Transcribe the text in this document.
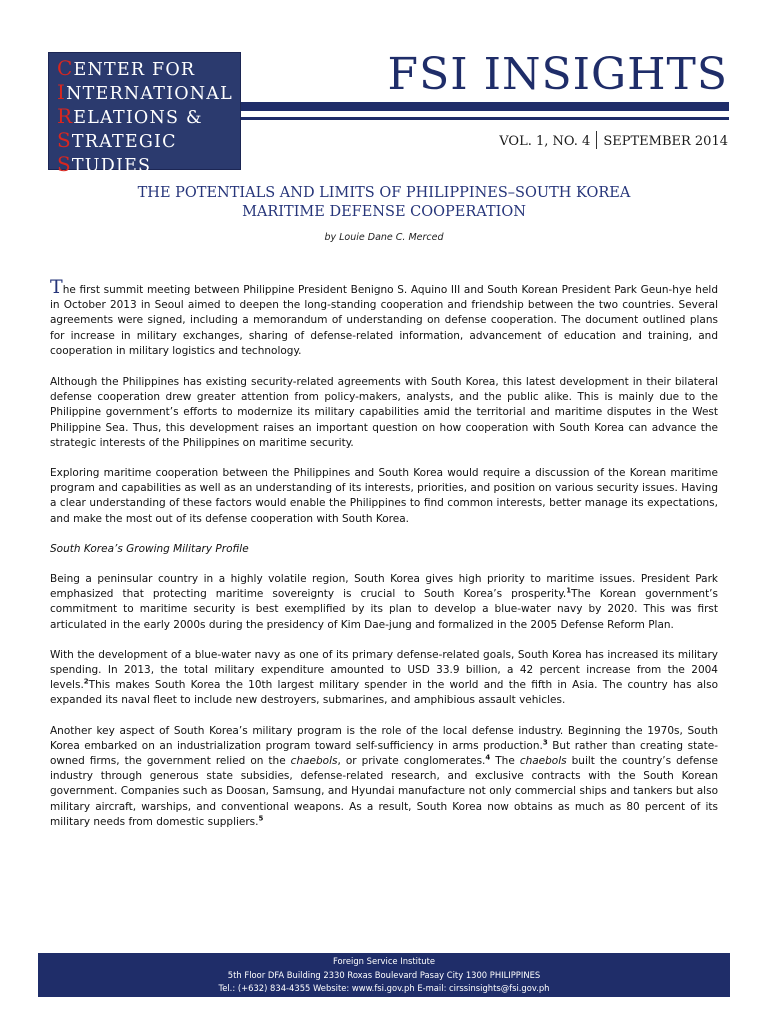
CENTER FOR
INTERNATIONAL
RELATIONS &
STRATEGIC
STUDIES
FSI INSIGHTS
VOL. 1, NO. 4 SEPTEMBER 2014
THE POTENTIALS AND LIMITS OF PHILIPPINES–SOUTH KOREA
MARITIME DEFENSE COOPERATION
by Louie Dane C. Merced

The first summit meeting between Philippine President Benigno S. Aquino III and South Korean President Park Geun-hye held in October 2013 in Seoul aimed to deepen the long-standing cooperation and friendship between the two countries. Several agreements were signed, including a memorandum of understanding on defense cooperation. The document outlined plans for increase in military exchanges, sharing of defense-related information, advancement of education and training, and cooperation in military logistics and technology.

Although the Philippines has existing security-related agreements with South Korea, this latest development in their bilateral defense cooperation drew greater attention from policy-makers, analysts, and the public alike. This is mainly due to the Philippine government’s efforts to modernize its military capabilities amid the territorial and maritime disputes in the West Philippine Sea. Thus, this development raises an important question on how cooperation with South Korea can advance the strategic interests of the Philippines on maritime security.

Exploring maritime cooperation between the Philippines and South Korea would require a discussion of the Korean maritime program and capabilities as well as an understanding of its interests, priorities, and position on various security issues. Having a clear understanding of these factors would enable the Philippines to find common interests, better manage its expectations, and make the most out of its defense cooperation with South Korea.

South Korea’s Growing Military Profile

Being a peninsular country in a highly volatile region, South Korea gives high priority to maritime issues. President Park emphasized that protecting maritime sovereignty is crucial to South Korea’s prosperity.$^1$The Korean government’s commitment to maritime security is best exemplified by its plan to develop a blue-water navy by 2020. This was first articulated in the early 2000s during the presidency of Kim Dae-jung and formalized in the 2005 Defense Reform Plan.

With the development of a blue-water navy as one of its primary defense-related goals, South Korea has increased its military spending. In 2013, the total military expenditure amounted to USD 33.9 billion, a 42 percent increase from the 2004 levels.$^2$This makes South Korea the 10th largest military spender in the world and the fifth in Asia. The country has also expanded its naval fleet to include new destroyers, submarines, and amphibious assault vehicles.

Another key aspect of South Korea’s military program is the role of the local defense industry. Beginning the 1970s, South Korea embarked on an industrialization program toward self-sufficiency in arms production.$^3$ But rather than creating state-owned firms, the government relied on the chaebols, or private conglomerates.$^4$ The chaebols built the country’s defense industry through generous state subsidies, defense-related research, and exclusive contracts with the South Korean government. Companies such as Doosan, Samsung, and Hyundai manufacture not only commercial ships and tankers but also military aircraft, warships, and conventional weapons. As a result, South Korea now obtains as much as 80 percent of its military needs from domestic suppliers.$^5$

Foreign Service Institute
5th Floor DFA Building 2330 Roxas Boulevard Pasay City 1300 PHILIPPINES
Tel.: (+632) 834-4355 Website: www.fsi.gov.ph E-mail: cirssinsights@fsi.gov.ph
